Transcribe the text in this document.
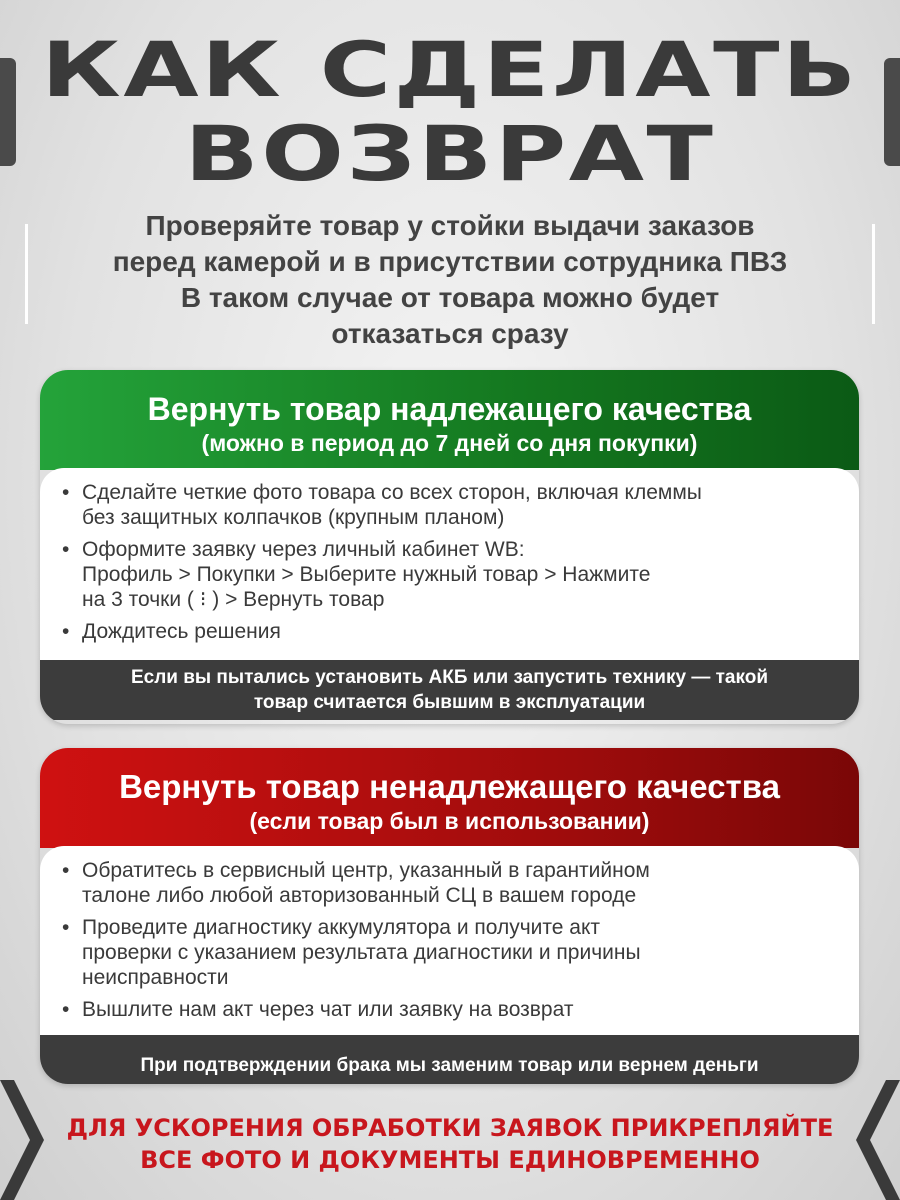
КАК СДЕЛАТЬ
ВОЗВРАТ
Проверяйте товар у стойки выдачи заказов
перед камерой и в присутствии сотрудника ПВЗ
В таком случае от товара можно будет
отказаться сразу
Вернуть товар надлежащего качества
(можно в период до 7 дней со дня покупки)
• Сделайте четкие фото товара со всех сторон, включая клеммы
без защитных колпачков (крупным планом)
• Оформите заявку через личный кабинет WB:
Профиль > Покупки > Выберите нужный товар > Нажмите
на 3 точки ( ⁝ ) > Вернуть товар
• Дождитесь решения
Если вы пытались установить АКБ или запустить технику — такой
товар считается бывшим в эксплуатации
Вернуть товар ненадлежащего качества
(если товар был в использовании)
• Обратитесь в сервисный центр, указанный в гарантийном
талоне либо любой авторизованный СЦ в вашем городе
• Проведите диагностику аккумулятора и получите акт
проверки с указанием результата диагностики и причины
неисправности
• Вышлите нам акт через чат или заявку на возврат
При подтверждении брака мы заменим товар или вернем деньги
ДЛЯ УСКОРЕНИЯ ОБРАБОТКИ ЗАЯВОК ПРИКРЕПЛЯЙТЕ
ВСЕ ФОТО И ДОКУМЕНТЫ ЕДИНОВРЕМЕННО
